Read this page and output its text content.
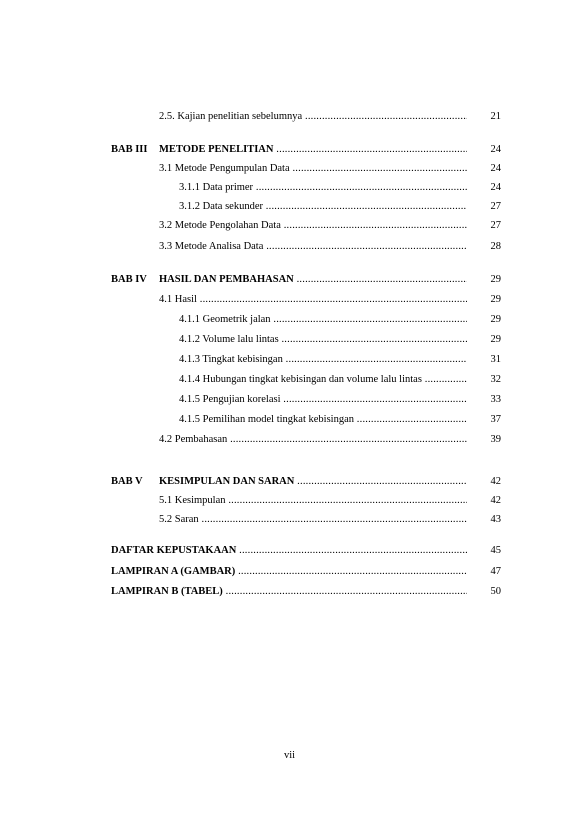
2.5. Kajian penelitian sebelumnya .....	21
BAB III METODE PENELITIAN .....	24
3.1 Metode Pengumpulan Data .....	24
3.1.1 Data primer .....	24
3.1.2 Data sekunder .....	27
3.2 Metode Pengolahan Data .....	27
3.3 Metode Analisa Data .....	28
BAB IV HASIL DAN PEMBAHASAN .....	29
4.1 Hasil .....	29
4.1.1 Geometrik jalan .....	29
4.1.2 Volume lalu lintas .....	29
4.1.3 Tingkat kebisingan .....	31
4.1.4 Hubungan tingkat kebisingan dan volume lalu lintas .....	32
4.1.5 Pengujian korelasi .....	33
4.1.5 Pemilihan model tingkat kebisingan .....	37
4.2 Pembahasan .....	39
BAB V KESIMPULAN DAN SARAN .....	42
5.1 Kesimpulan .....	42
5.2 Saran .....	43
DAFTAR KEPUSTAKAAN .....	45
LAMPIRAN A (GAMBAR) .....	47
LAMPIRAN B (TABEL) .....	50
vii
